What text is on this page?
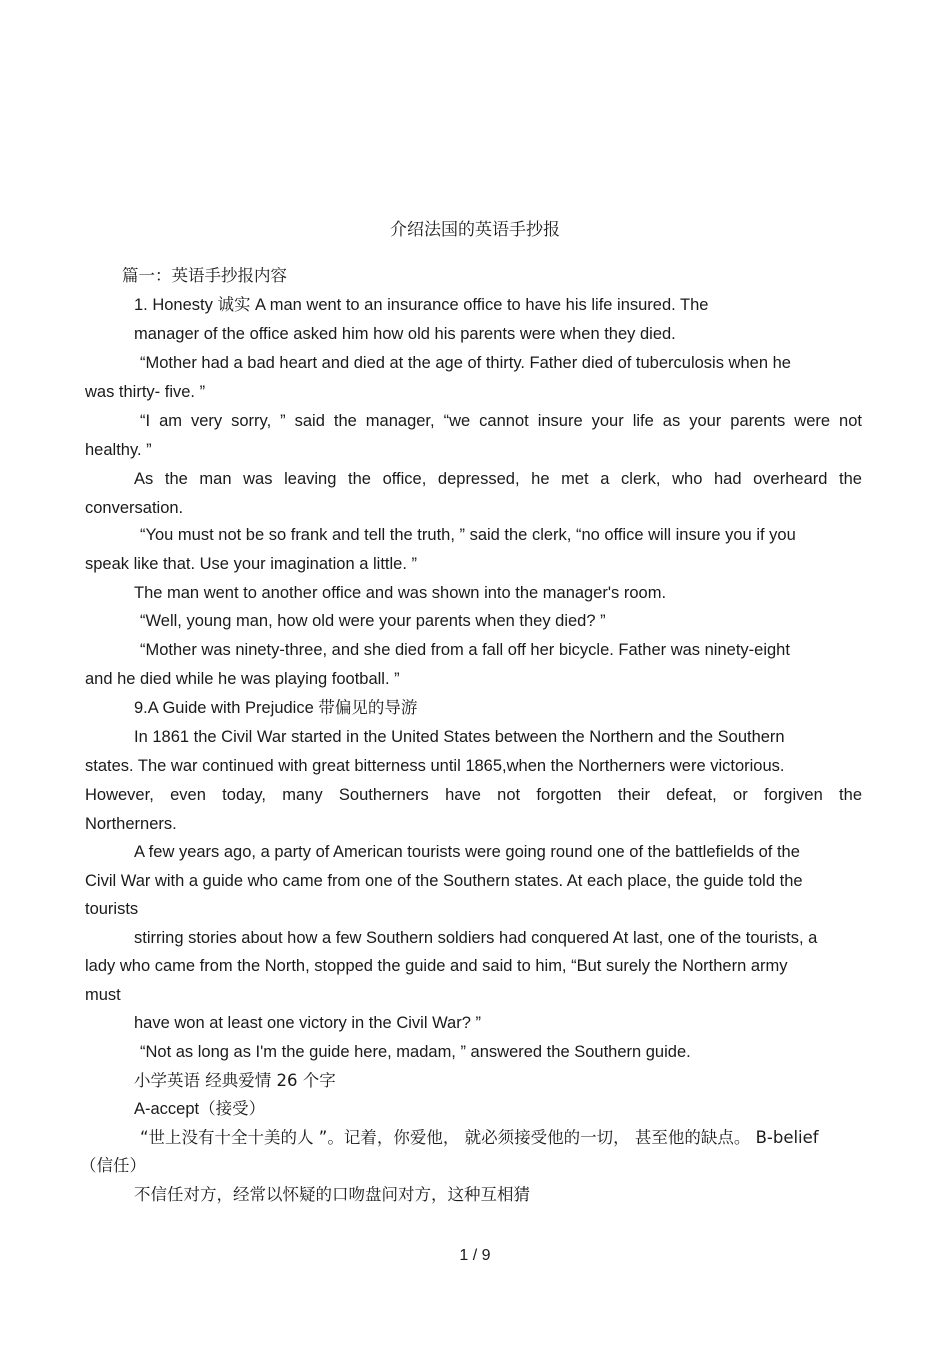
介绍法国的英语手抄报
篇一：英语手抄报内容
1. Honesty 诚实 A man went to an insurance office to have his life insured. The
manager of the office asked him how old his parents were when they died.
“Mother had a bad heart and died at the age of thirty. Father died of tuberculosis when he
was thirty- five. ”
“I am very sorry, ” said the manager, “we cannot insure your life as your parents were not
healthy. ”
As the man was leaving the office, depressed, he met a clerk, who had overheard the
conversation.
“You must not be so frank and tell the truth, ” said the clerk, “no office will insure you if you
speak like that. Use your imagination a little. ”
The man went to another office and was shown into the manager's room.
“Well, young man, how old were your parents when they died? ”
“Mother was ninety-three, and she died from a fall off her bicycle. Father was ninety-eight
and he died while he was playing football. ”
9.A Guide with Prejudice 带偏见的导游
In 1861 the Civil War started in the United States between the Northern and the Southern
states. The war continued with great bitterness until 1865,when the Northerners were victorious.
However, even today, many Southerners have not forgotten their defeat, or forgiven the
Northerners.
A few years ago, a party of American tourists were going round one of the battlefields of the
Civil War with a guide who came from one of the Southern states. At each place, the guide told the
tourists
stirring stories about how a few Southern soldiers had conquered At last, one of the tourists, a
lady who came from the North, stopped the guide and said to him, “But surely the Northern army
must
have won at least one victory in the Civil War? ”
“Not as long as I'm the guide here, madam, ” answered the Southern guide.
小学英语 经典爱情 26 个字
A-accept（接受）
“世上没有十全十美的人 ”。记着，你爱他， 就必须接受他的一切， 甚至他的缺点。 B-belief
（信任）
不信任对方，经常以怀疑的口吻盘问对方，这种互相猜
1 / 9
